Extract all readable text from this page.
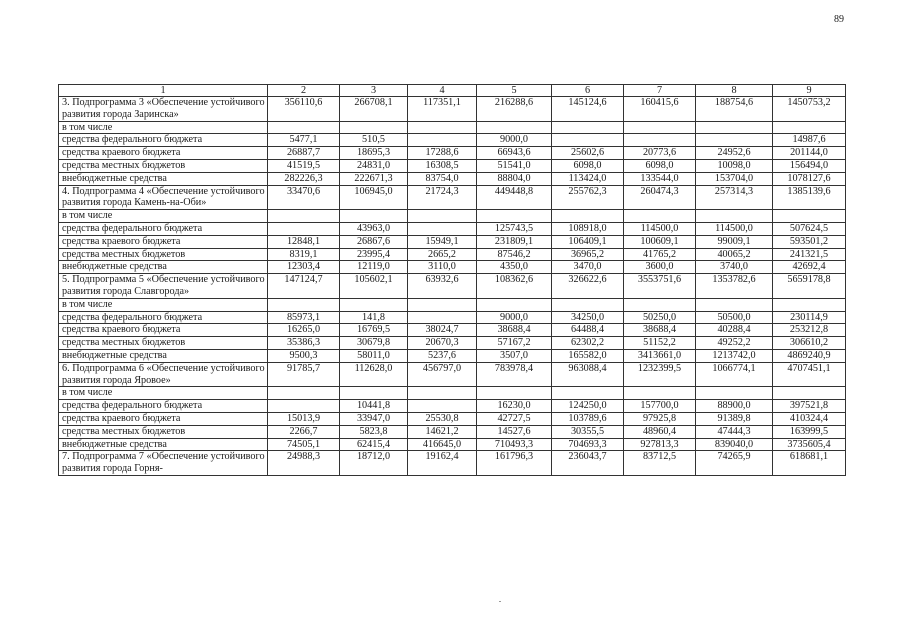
89
1	2	3	4	5	6	7	8	9
3. Подпрограмма 3 «Обеспечение устойчивого развития города Заринска»	356110,6	266708,1	117351,1	216288,6	145124,6	160415,6	188754,6	1450753,2
в том числе								
средства федерального бюджета	5477,1	510,5		9000,0				14987,6
средства краевого бюджета	26887,7	18695,3	17288,6	66943,6	25602,6	20773,6	24952,6	201144,0
средства местных бюджетов	41519,5	24831,0	16308,5	51541,0	6098,0	6098,0	10098,0	156494,0
внебюджетные средства	282226,3	222671,3	83754,0	88804,0	113424,0	133544,0	153704,0	1078127,6
4. Подпрограмма 4 «Обеспечение устойчивого развития города Камень-на-Оби»	33470,6	106945,0	21724,3	449448,8	255762,3	260474,3	257314,3	1385139,6
в том числе								
средства федерального бюджета		43963,0		125743,5	108918,0	114500,0	114500,0	507624,5
средства краевого бюджета	12848,1	26867,6	15949,1	231809,1	106409,1	100609,1	99009,1	593501,2
средства местных бюджетов	8319,1	23995,4	2665,2	87546,2	36965,2	41765,2	40065,2	241321,5
внебюджетные средства	12303,4	12119,0	3110,0	4350,0	3470,0	3600,0	3740,0	42692,4
5. Подпрограмма 5 «Обеспечение устойчивого развития города Славгорода»	147124,7	105602,1	63932,6	108362,6	326622,6	3553751,6	1353782,6	5659178,8
в том числе								
средства федерального бюджета	85973,1	141,8		9000,0	34250,0	50250,0	50500,0	230114,9
средства краевого бюджета	16265,0	16769,5	38024,7	38688,4	64488,4	38688,4	40288,4	253212,8
средства местных бюджетов	35386,3	30679,8	20670,3	57167,2	62302,2	51152,2	49252,2	306610,2
внебюджетные средства	9500,3	58011,0	5237,6	3507,0	165582,0	3413661,0	1213742,0	4869240,9
6. Подпрограмма 6 «Обеспечение устойчивого развития города Яровое»	91785,7	112628,0	456797,0	783978,4	963088,4	1232399,5	1066774,1	4707451,1
в том числе								
средства федерального бюджета		10441,8		16230,0	124250,0	157700,0	88900,0	397521,8
средства краевого бюджета	15013,9	33947,0	25530,8	42727,5	103789,6	97925,8	91389,8	410324,4
средства местных бюджетов	2266,7	5823,8	14621,2	14527,6	30355,5	48960,4	47444,3	163999,5
внебюджетные средства	74505,1	62415,4	416645,0	710493,3	704693,3	927813,3	839040,0	3735605,4
7. Подпрограмма 7 «Обеспечение устойчивого развития города Горня-	24988,3	18712,0	19162,4	161796,3	236043,7	83712,5	74265,9	618681,1
